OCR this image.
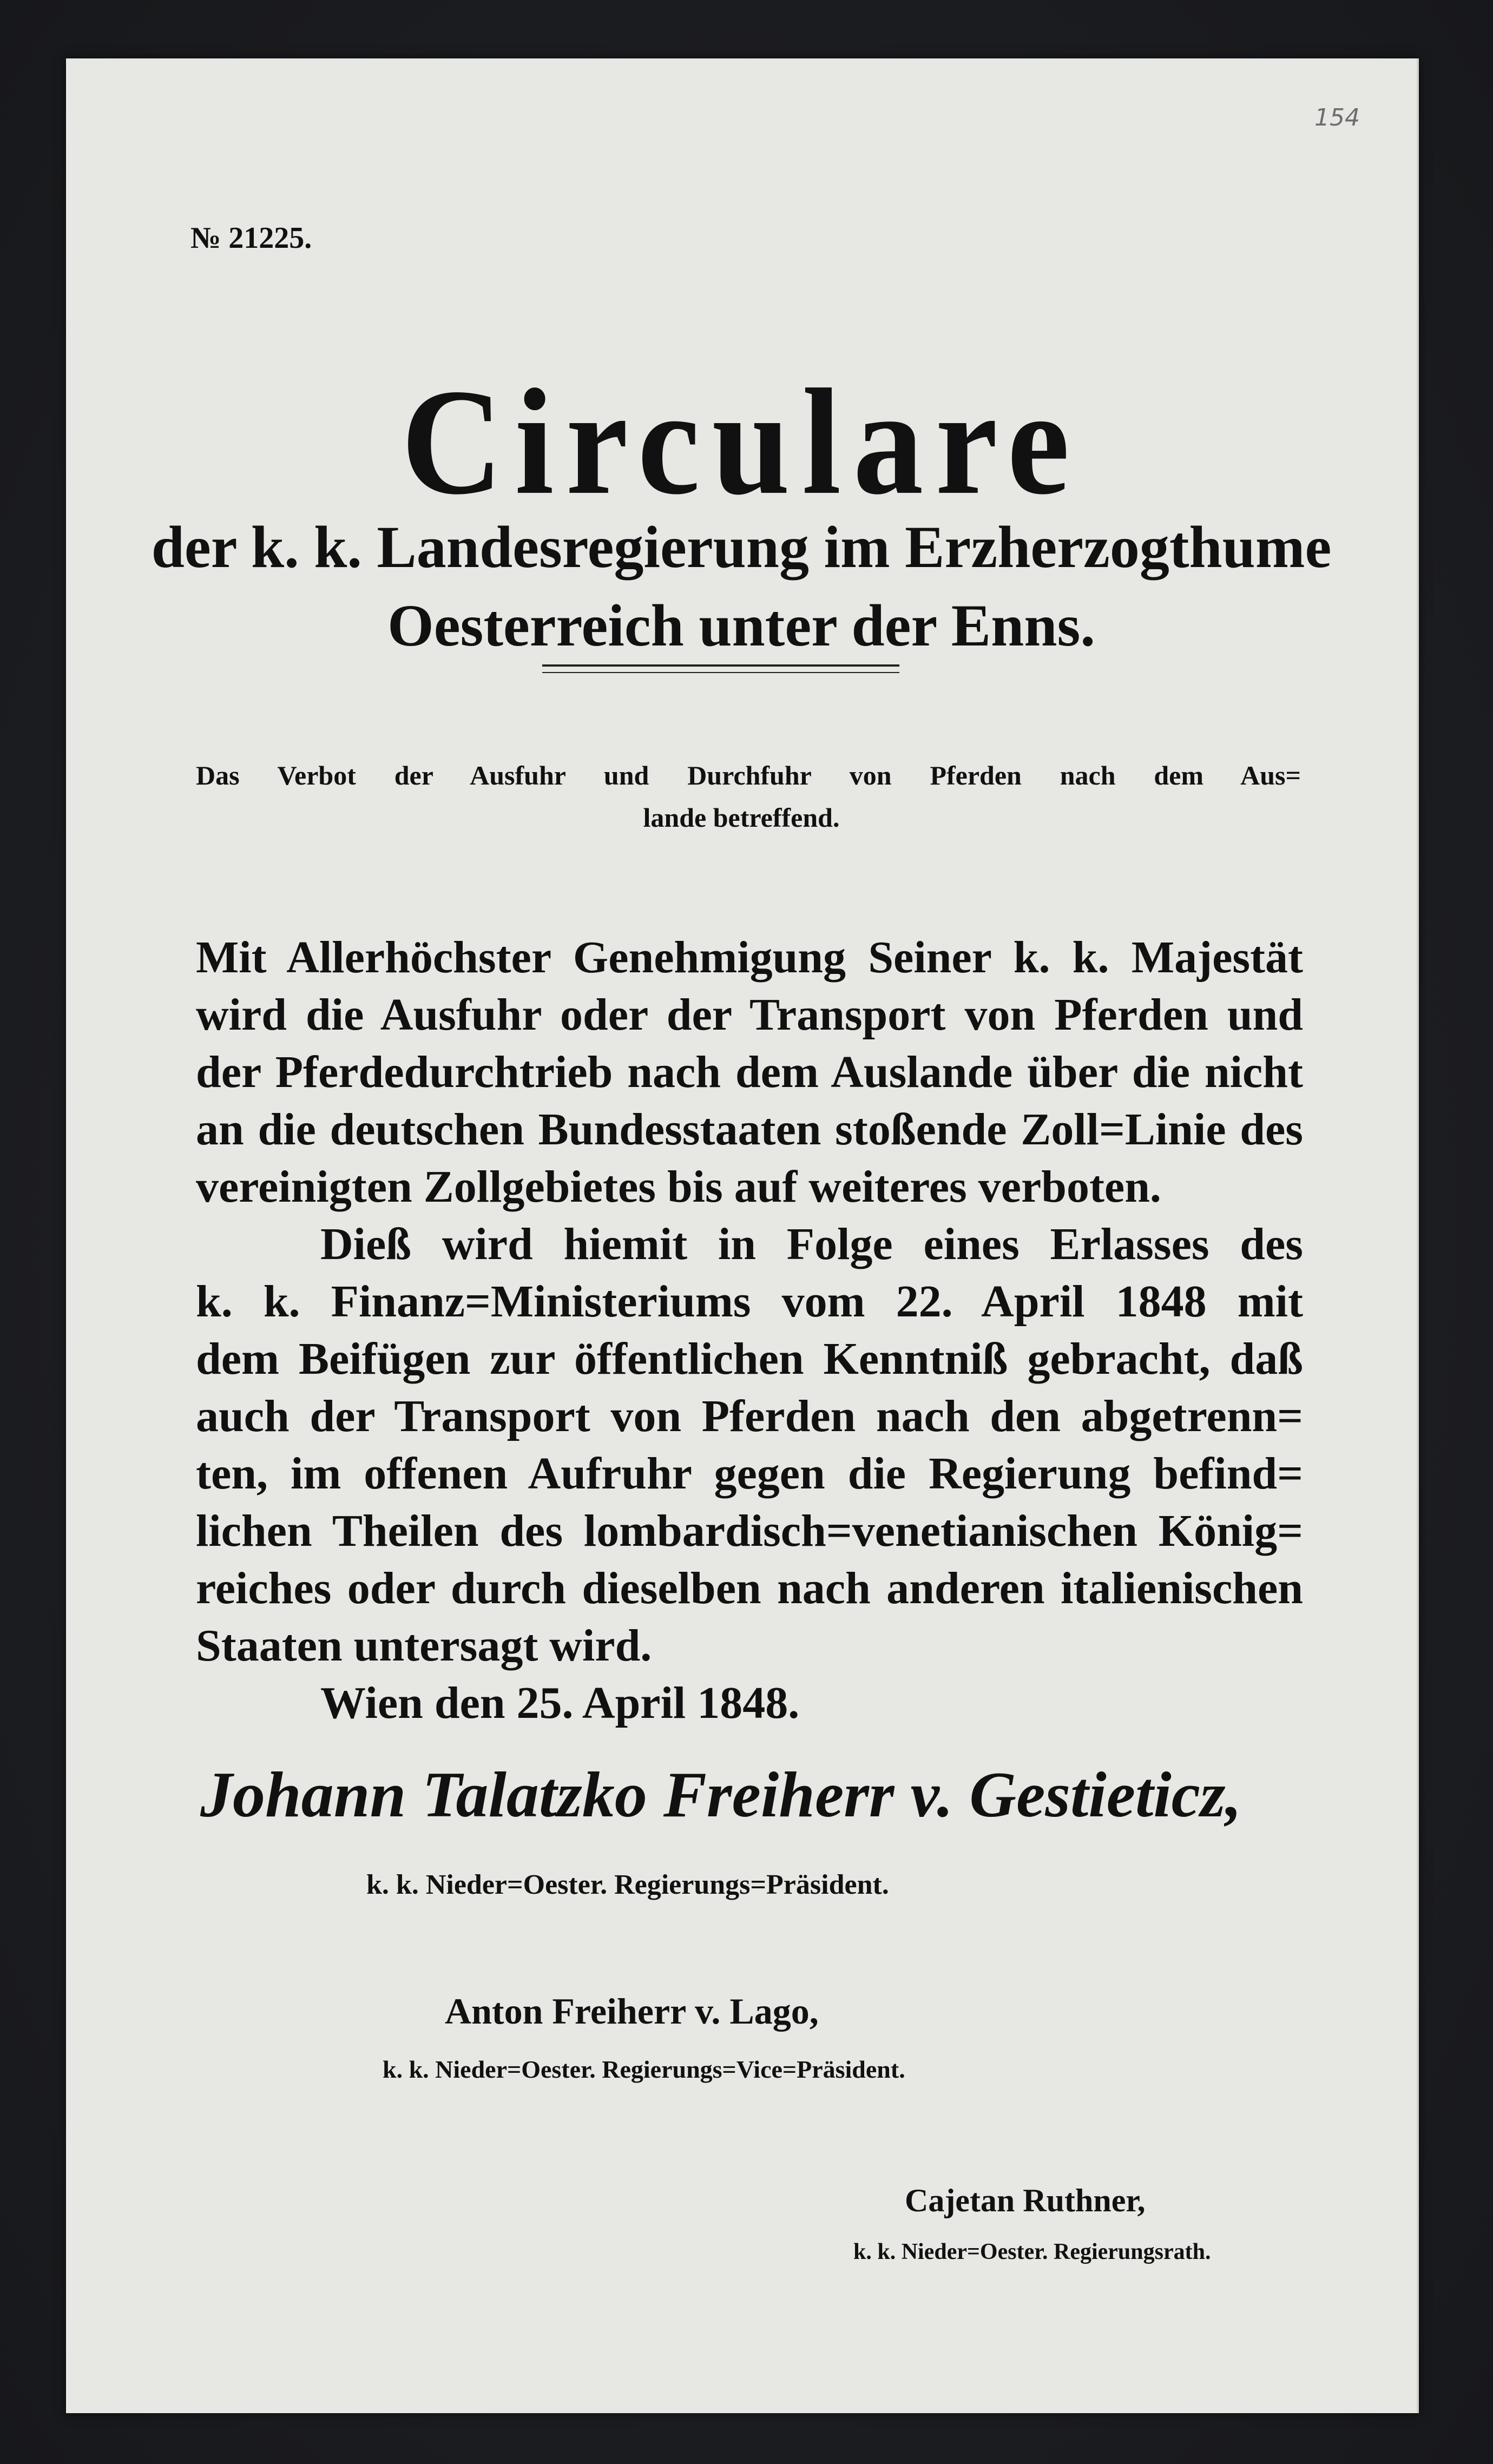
154
№ 21225.
Circulare
der k. k. Landesregierung im Erzherzogthume
Oesterreich unter der Enns.
Das Verbot der Ausfuhr und Durchfuhr von Pferden nach dem Aus=
lande betreffend.
Mit Allerhöchster Genehmigung Seiner k. k. Majestät
wird die Ausfuhr oder der Transport von Pferden und
der Pferdedurchtrieb nach dem Auslande über die nicht
an die deutschen Bundesstaaten stoßende Zoll=Linie des
vereinigten Zollgebietes bis auf weiteres verboten.
Dieß wird hiemit in Folge eines Erlasses des
k. k. Finanz=Ministeriums vom 22. April 1848 mit
dem Beifügen zur öffentlichen Kenntniß gebracht, daß
auch der Transport von Pferden nach den abgetrenn=
ten, im offenen Aufruhr gegen die Regierung befind=
lichen Theilen des lombardisch=venetianischen König=
reiches oder durch dieselben nach anderen italienischen
Staaten untersagt wird.
Wien den 25. April 1848.
Johann Talatzko Freiherr v. Gestieticz,
k. k. Nieder=Oester. Regierungs=Präsident.
Anton Freiherr v. Lago,
k. k. Nieder=Oester. Regierungs=Vice=Präsident.
Cajetan Ruthner,
k. k. Nieder=Oester. Regierungsrath.
